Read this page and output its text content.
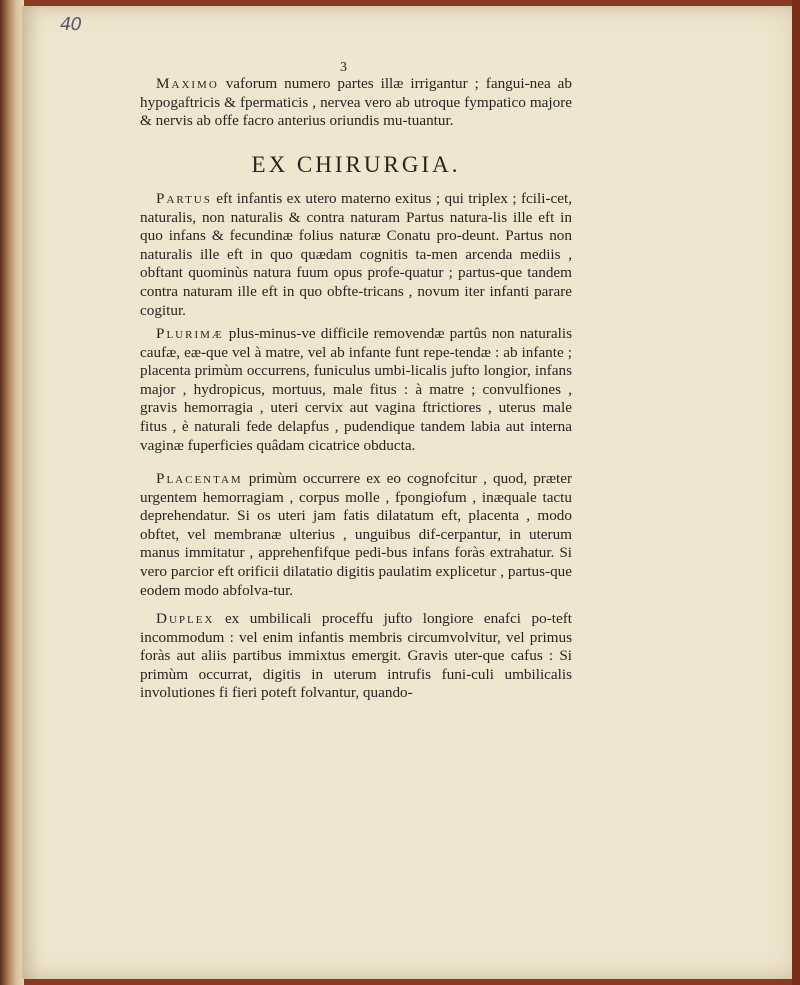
40
3

Maximo vaforum numero partes illæ irrigantur ; fangui-nea ab hypogaftricis & fpermaticis , nervea vero ab utroque fympatico majore & nervis ab offe facro anterius oriundis mu-tuantur.

EX CHIRURGIA.

Partus eft infantis ex utero materno exitus ; qui triplex ; fcili-cet, naturalis, non naturalis & contra naturam Partus natura-lis ille eft in quo infans & fecundinæ folius naturæ Conatu pro-deunt. Partus non naturalis ille eft in quo quædam cognitis ta-men arcenda mediis , obftant quominùs natura fuum opus profe-quatur ; partus-que tandem contra naturam ille eft in quo obfte-tricans , novum iter infanti parare cogitur.

Plurimæ plus-minus-ve difficile removendæ partûs non naturalis caufæ, eæ-que vel à matre, vel ab infante funt repe-tendæ : ab infante ; placenta primùm occurrens, funiculus umbi-licalis jufto longior, infans major , hydropicus, mortuus, male fitus : à matre ; convulfiones , gravis hemorragia , uteri cervix aut vagina ftrictiores , uterus male fitus , è naturali fede delapfus , pudendique tandem labia aut interna vaginæ fuperficies quâdam cicatrice obducta.

Placentam primùm occurrere ex eo cognofcitur , quod, præter urgentem hemorragiam , corpus molle , fpongiofum , inæquale tactu deprehendatur. Si os uteri jam fatis dilatatum eft, placenta , modo obftet, vel membranæ ulterius , unguibus dif-cerpantur, in uterum manus immitatur , apprehenfifque pedi-bus infans foràs extrahatur. Si vero parcior eft orificii dilatatio digitis paulatim explicetur , partus-que eodem modo abfolva-tur.

Duplex ex umbilicali proceffu jufto longiore enafci po-teft incommodum : vel enim infantis membris circumvolvitur, vel primus foràs aut aliis partibus immixtus emergit. Gravis uter-que cafus : Si primùm occurrat, digitis in uterum intrufis funi-culi umbilicalis involutiones fi fieri poteft folvantur, quando-
